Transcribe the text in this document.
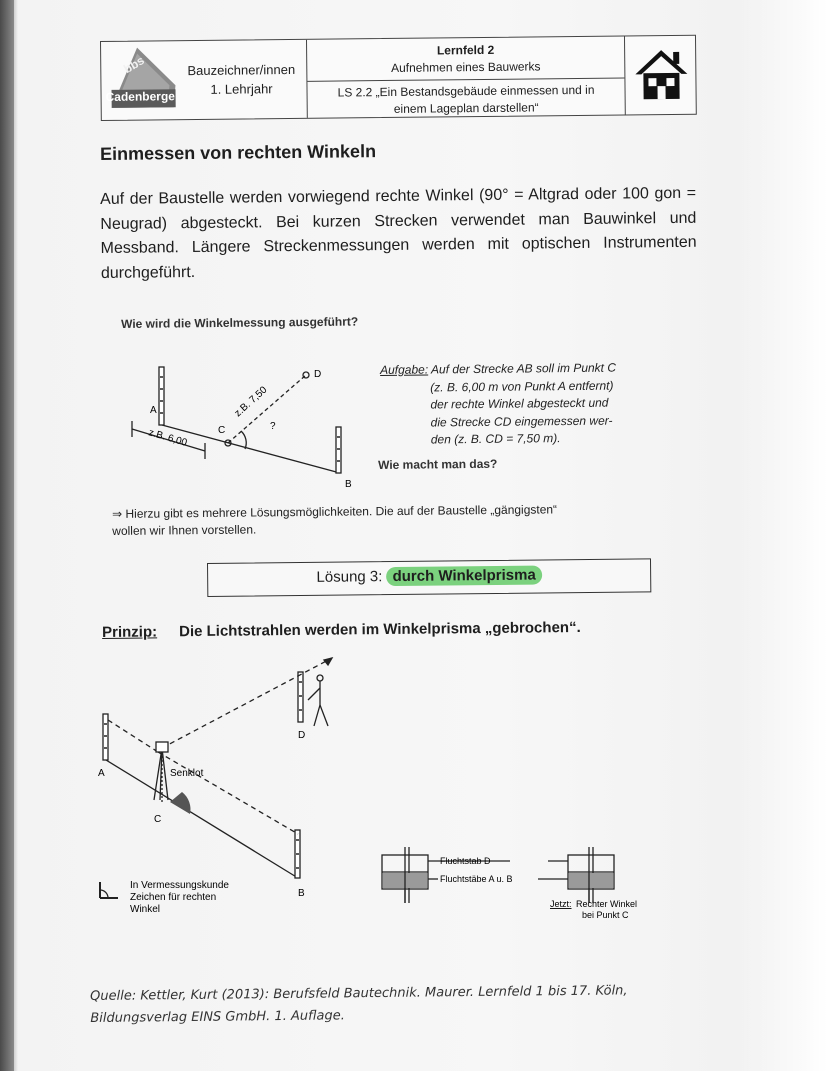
bbs
Cadenberge
Bauzeichner/innen
1. Lehrjahr
Lernfeld 2
Aufnehmen eines Bauwerks
LS 2.2 „Ein Bestandsgebäude einmessen und in
einem Lageplan darstellen“
Einmessen von rechten Winkeln
Auf der Baustelle werden vorwiegend rechte Winkel (90° = Altgrad oder 100 gon = Neugrad) abgesteckt. Bei kurzen Strecken verwendet man Bauwinkel und Messband. Längere Streckenmessungen werden mit optischen Instrumenten durchgeführt.
Wie wird die Winkelmessung ausgeführt?
A
B
C
D
z.B. 6,00
z.B. 7,50
?
Aufgabe: Auf der Strecke AB soll im Punkt C
(z. B. 6,00 m von Punkt A entfernt)
der rechte Winkel abgesteckt und
die Strecke CD eingemessen wer-
den (z. B. CD = 7,50 m).
Wie macht man das?
⇒ Hierzu gibt es mehrere Lösungsmöglichkeiten. Die auf der Baustelle „gängigsten“
wollen wir Ihnen vorstellen.
Lösung 3: durch Winkelprisma
Prinzip: Die Lichtstrahlen werden im Winkelprisma „gebrochen“.
A
B
C
D
Senklot
In Vermessungskunde
Zeichen für rechten
Winkel
Fluchtstab D
Fluchtstäbe A u. B
Jetzt: Rechter Winkel
bei Punkt C
Quelle: Kettler, Kurt (2013): Berufsfeld Bautechnik. Maurer. Lernfeld 1 bis 17. Köln,
Bildungsverlag EINS GmbH. 1. Auflage.
